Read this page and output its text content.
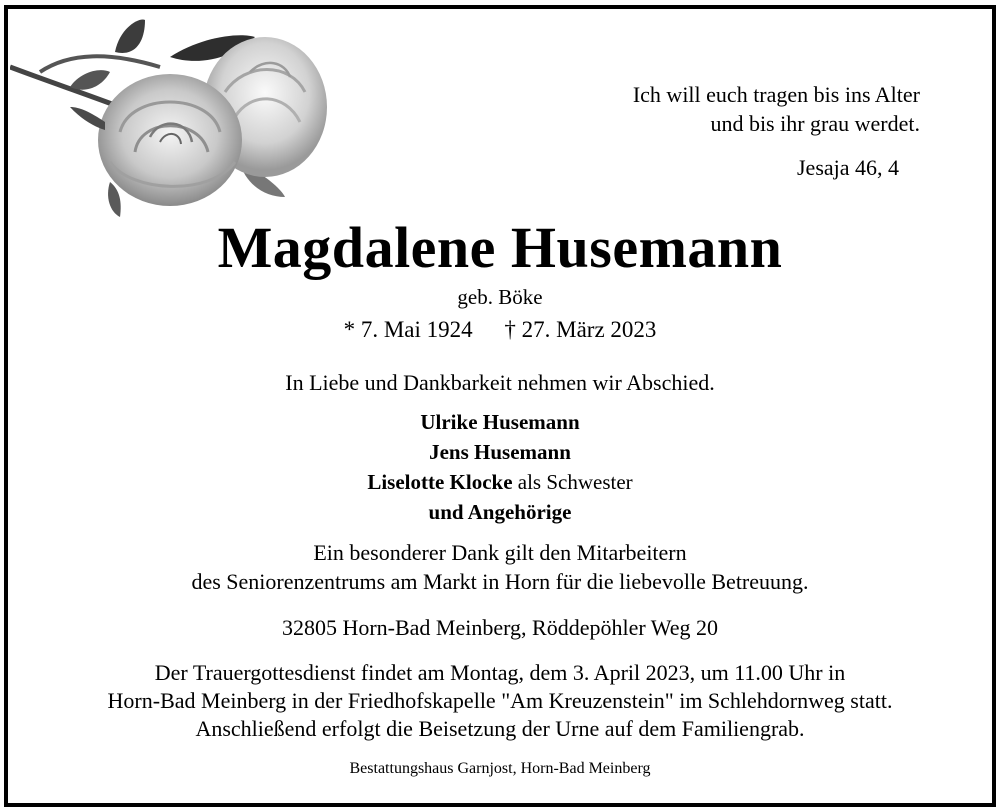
Ich will euch tragen bis ins Alter
und bis ihr grau werdet.
Jesaja 46, 4
Magdalene Husemann
geb. Böke
* 7. Mai 1924 † 27. März 2023
In Liebe und Dankbarkeit nehmen wir Abschied.
Ulrike Husemann
Jens Husemann
Liselotte Klocke als Schwester
und Angehörige
Ein besonderer Dank gilt den Mitarbeitern
des Seniorenzentrums am Markt in Horn für die liebevolle Betreuung.
32805 Horn-Bad Meinberg, Röddepöhler Weg 20
Der Trauergottesdienst findet am Montag, dem 3. April 2023, um 11.00 Uhr in
Horn-Bad Meinberg in der Friedhofskapelle "Am Kreuzenstein" im Schlehdornweg statt.
Anschließend erfolgt die Beisetzung der Urne auf dem Familiengrab.
Bestattungshaus Garnjost, Horn-Bad Meinberg
